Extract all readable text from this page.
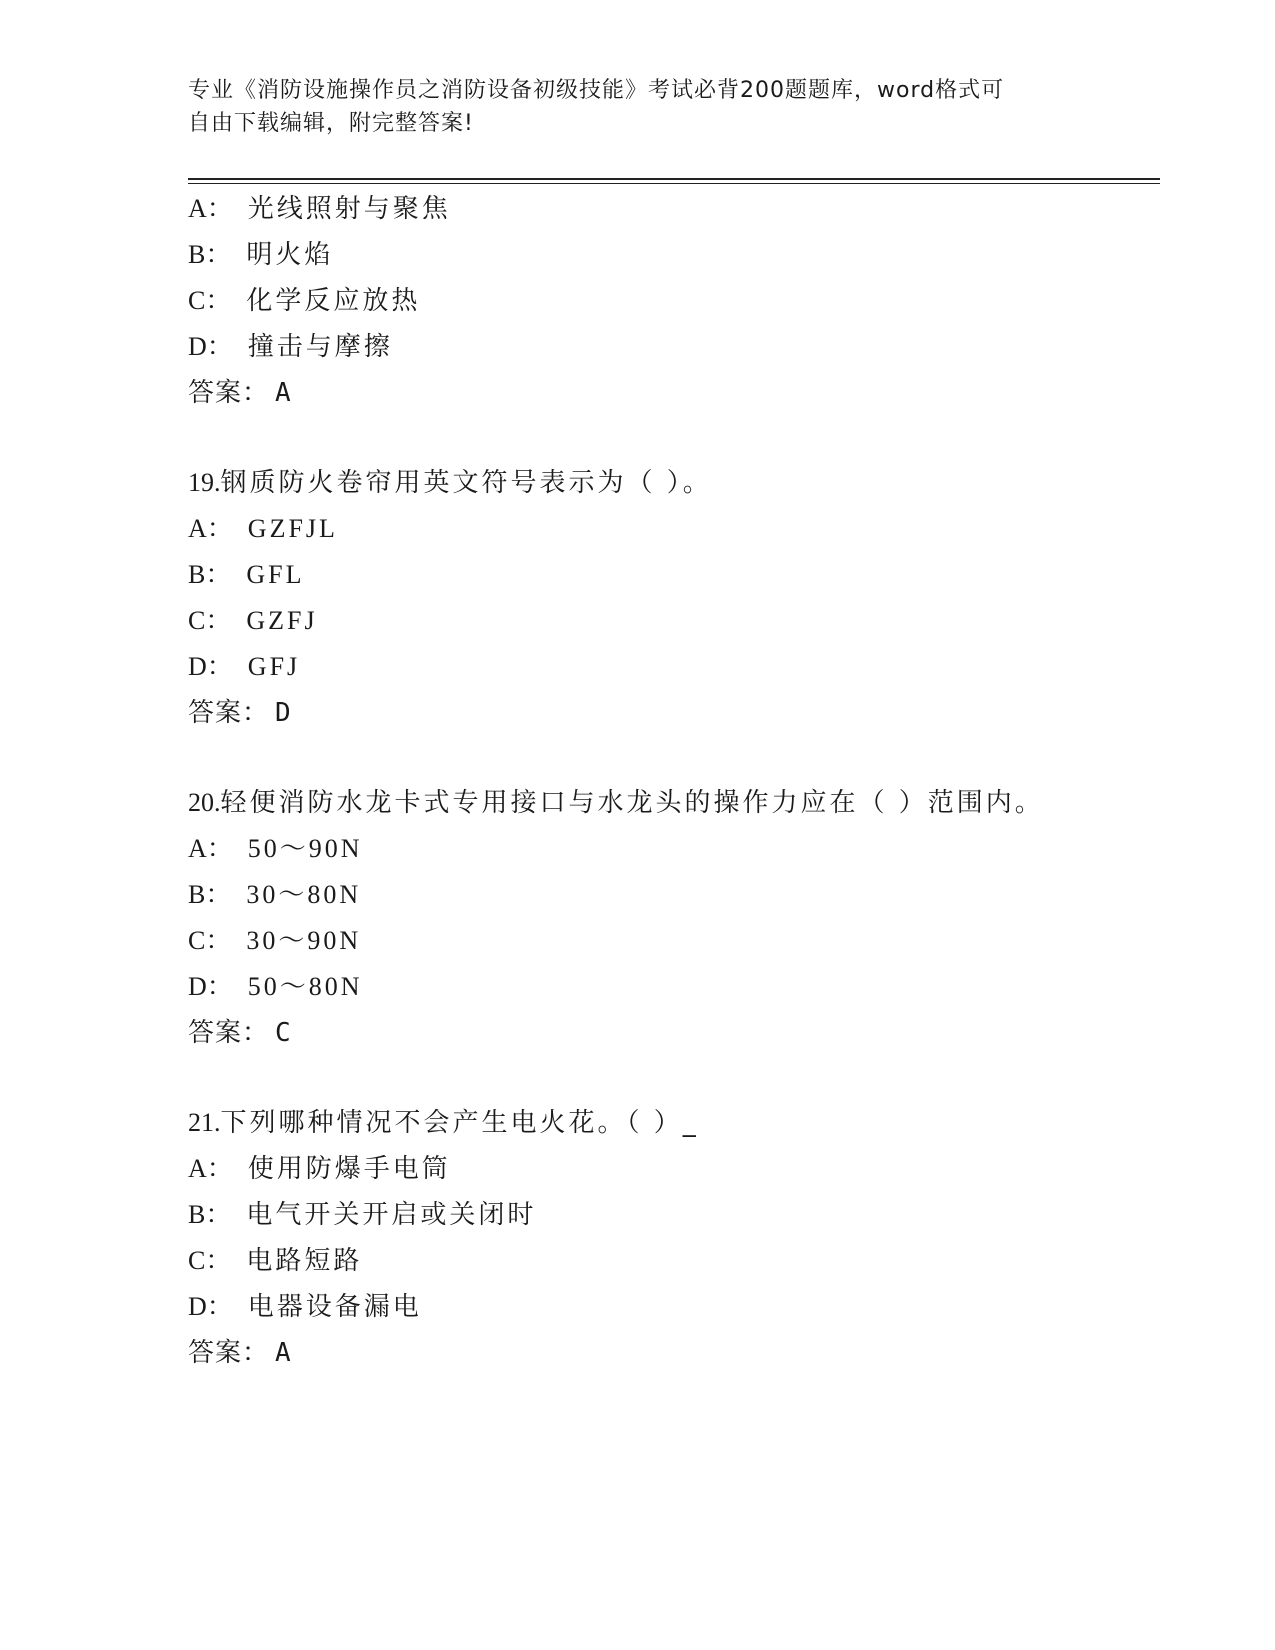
专业《消防设施操作员之消防设备初级技能》考试必背200题题库，word格式可
自由下载编辑，附完整答案!
A： 光线照射与聚焦
B： 明火焰
C： 化学反应放热
D： 撞击与摩擦
答案： A
19.钢质防火卷帘用英文符号表示为（ ）。
A： GZFJL
B： GFL
C： GZFJ
D： GFJ
答案： D
20.轻便消防水龙卡式专用接口与水龙头的操作力应在（ ）范围内。
A： 50～90N
B： 30～80N
C： 30～90N
D： 50～80N
答案： C
21.下列哪种情况不会产生电火花。（ ）_
A： 使用防爆手电筒
B： 电气开关开启或关闭时
C： 电路短路
D： 电器设备漏电
答案： A
